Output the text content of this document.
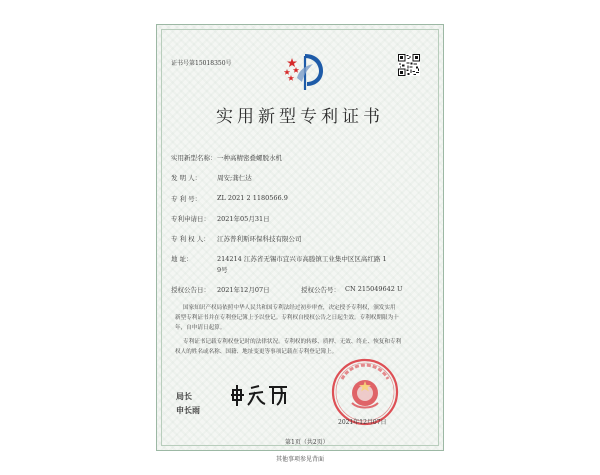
证书号第15018350号
实用新型专利证书
实用新型名称： 一种高精密叠螺脱水机
发 明 人： 周安;龚仁达
专 利 号： ZL 2021 2 1180566.9
专利申请日： 2021年05月31日
专 利 权 人： 江苏普利斯环保科技有限公司
地 址：	214214 江苏省无锡市宜兴市高塍镇工业集中区区高红路 1
9号
授权公告日： 2021年12月07日	授权公告号： CN 215049642 U
国家知识产权局依照中华人民共和国专利法经过初步审查，决定授予专利权，颁发实用
新型专利证书并在专利登记簿上予以登记。专利权自授权公告之日起生效。专利权期限为十
年，自申请日起算。
专利证书记载专利权登记时的法律状况。专利权的转移、质押、无效、终止、恢复和专利
权人的姓名或名称、国籍、地址变更等事项记载在专利登记簿上。
局长
申长雨
2021年12月07日
第1页（共2页）
其他事项参见背面
